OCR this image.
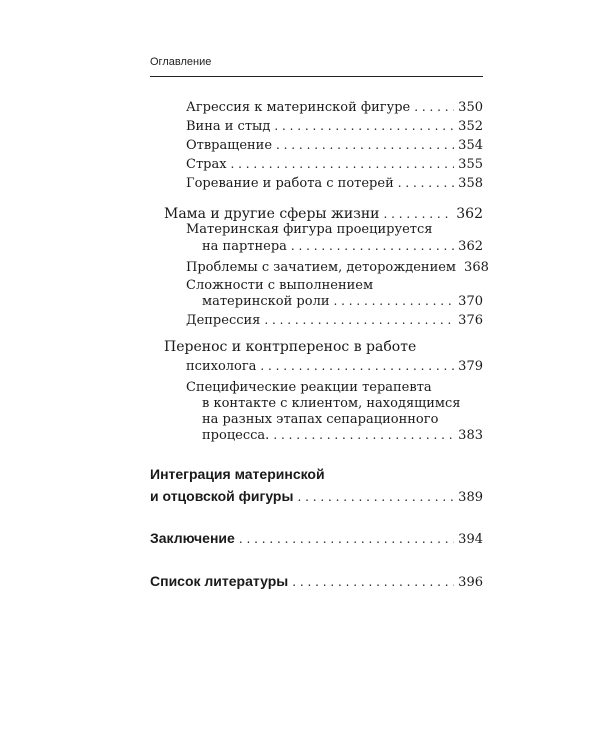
Оглавление
Агрессия к материнской фигуре . . .	350
Вина и стыд . . .	352
Отвращение . . .	354
Страх . . .	355
Горевание и работа с потерей . . .	358
Мама и другие сферы жизни . . .	362
Материнская фигура проецируется
на партнера . . .	362
Проблемы с зачатием, деторождением 368
Сложности с выполнением
материнской роли . . .	370
Депрессия . . .	376
Перенос и контрперенос в работе
психолога . . .	379
Специфические реакции терапевта
в контакте с клиентом, находящимся
на разных этапах сепарационного
процесса. . . .	383
Интеграция материнской
и отцовской фигуры . . .	389
Заключение . . .	394
Список литературы . . .	396
